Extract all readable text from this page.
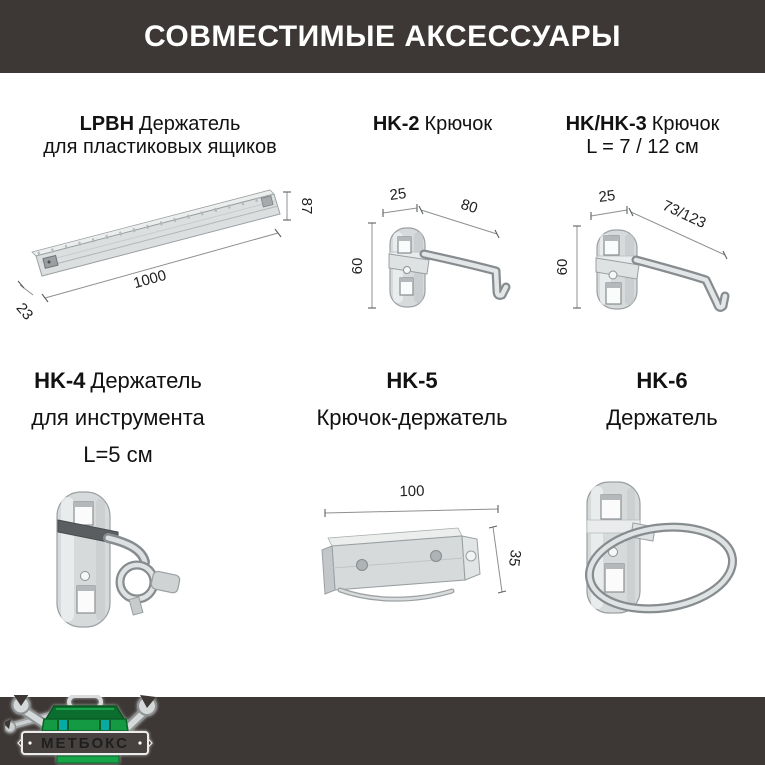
СОВМЕСТИМЫЕ АКСЕССУАРЫ
LPBH Держатель
для пластиковых ящиков
HK-2 Крючок	HK/HK-3 Крючок
L = 7 / 12 см
HK-4 Держатель
для инструмента
L=5 см
HK-5
Крючок-держатель
HK-6
Держатель
87
1000
23
60
25
80
60
25
73/123
100
35
МЕТБОКС
